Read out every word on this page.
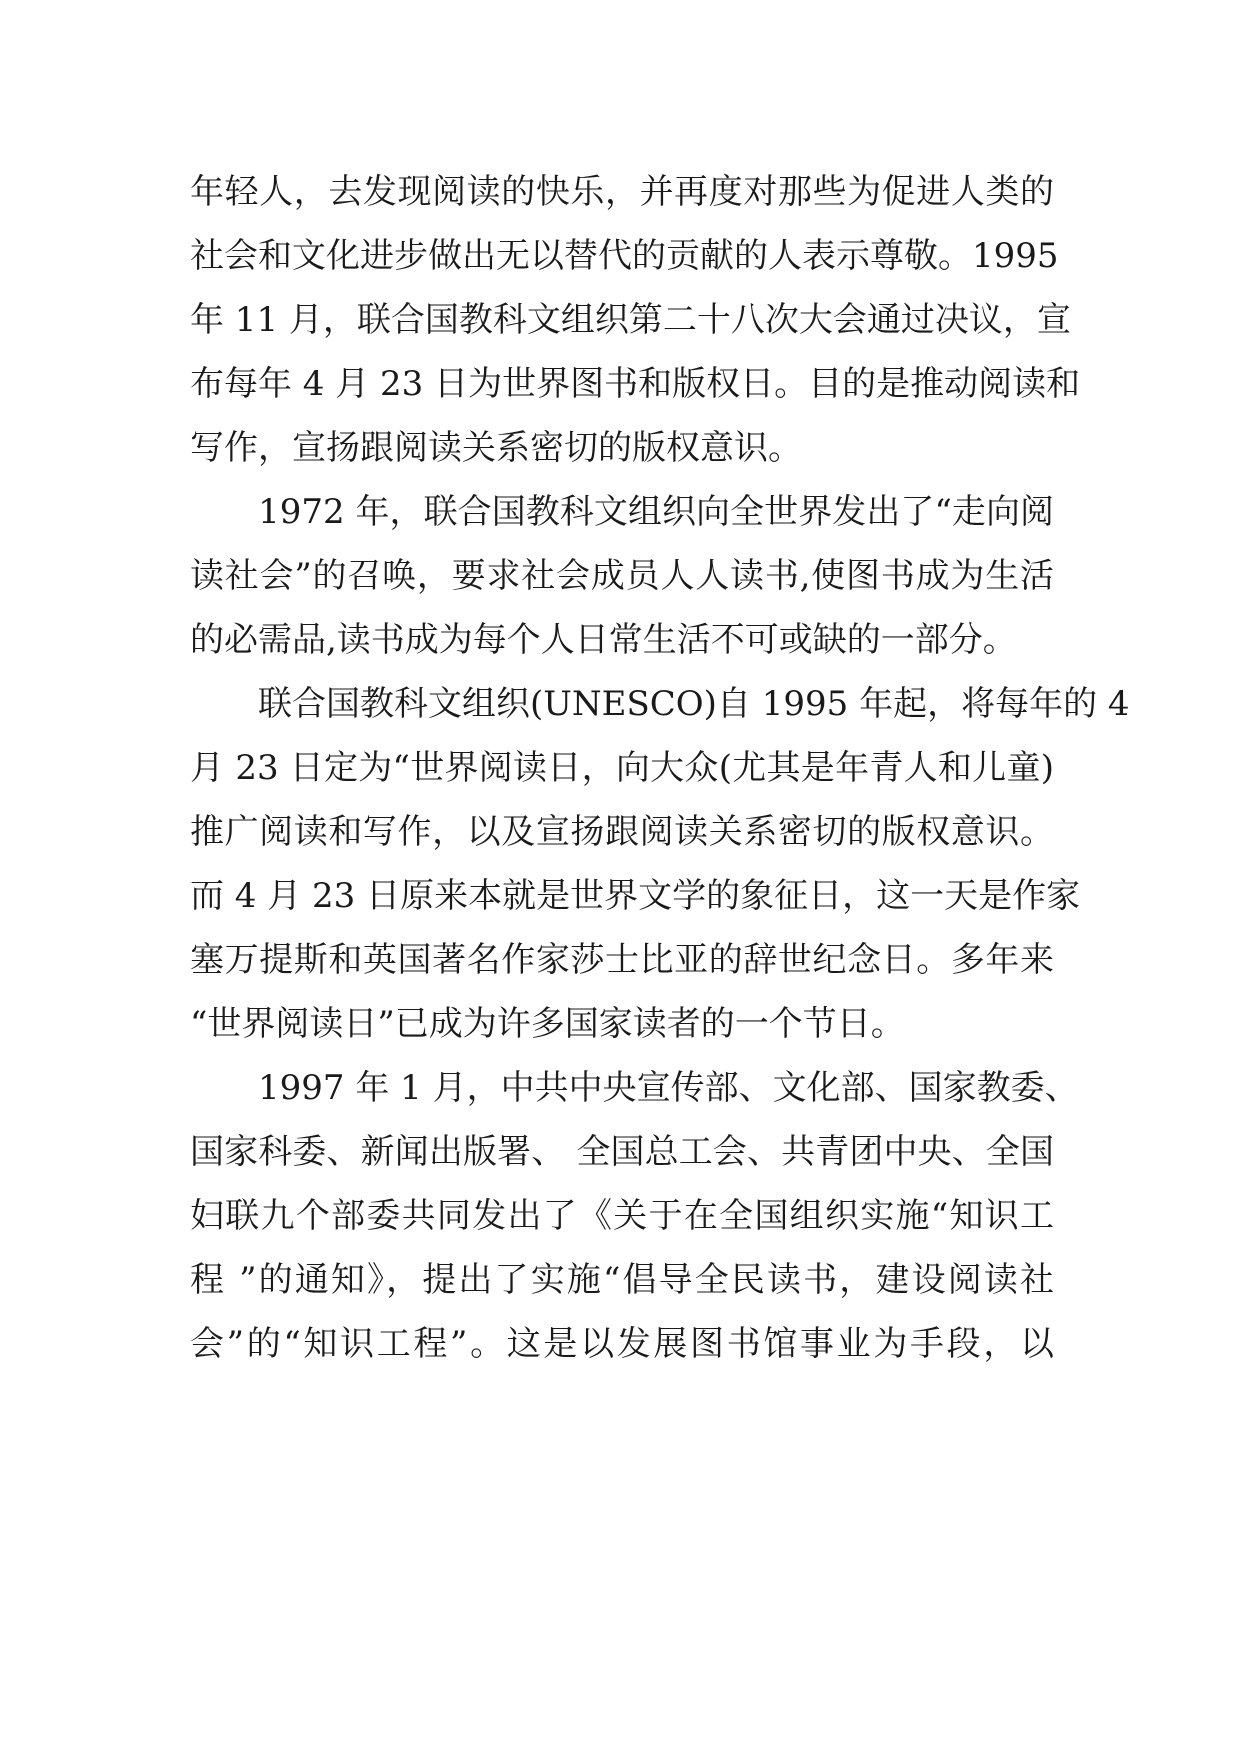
年轻人，去发现阅读的快乐，并再度对那些为促进人类的
社会和文化进步做出无以替代的贡献的人表示尊敬。1995
年 11 月，联合国教科文组织第二十八次大会通过决议，宣
布每年 4 月 23 日为世界图书和版权日。目的是推动阅读和
写作，宣扬跟阅读关系密切的版权意识。
　　1972 年，联合国教科文组织向全世界发出了“走向阅
读社会”的召唤，要求社会成员人人读书,使图书成为生活
的必需品,读书成为每个人日常生活不可或缺的一部分。
　　联合国教科文组织(UNESCO)自 1995 年起，将每年的 4
月 23 日定为“世界阅读日，向大众(尤其是年青人和儿童)
推广阅读和写作，以及宣扬跟阅读关系密切的版权意识。
而 4 月 23 日原来本就是世界文学的象征日，这一天是作家
塞万提斯和英国著名作家莎士比亚的辞世纪念日。多年来
“世界阅读日”已成为许多国家读者的一个节日。
　　1997 年 1 月，中共中央宣传部、文化部、国家教委、
国家科委、新闻出版署、 全国总工会、共青团中央、全国
妇联九个部委共同发出了《关于在全国组织实施“知识工
程 ”的通知》，提出了实施“倡导全民读书，建设阅读社
会”的“知识工程”。这是以发展图书馆事业为手段，以
